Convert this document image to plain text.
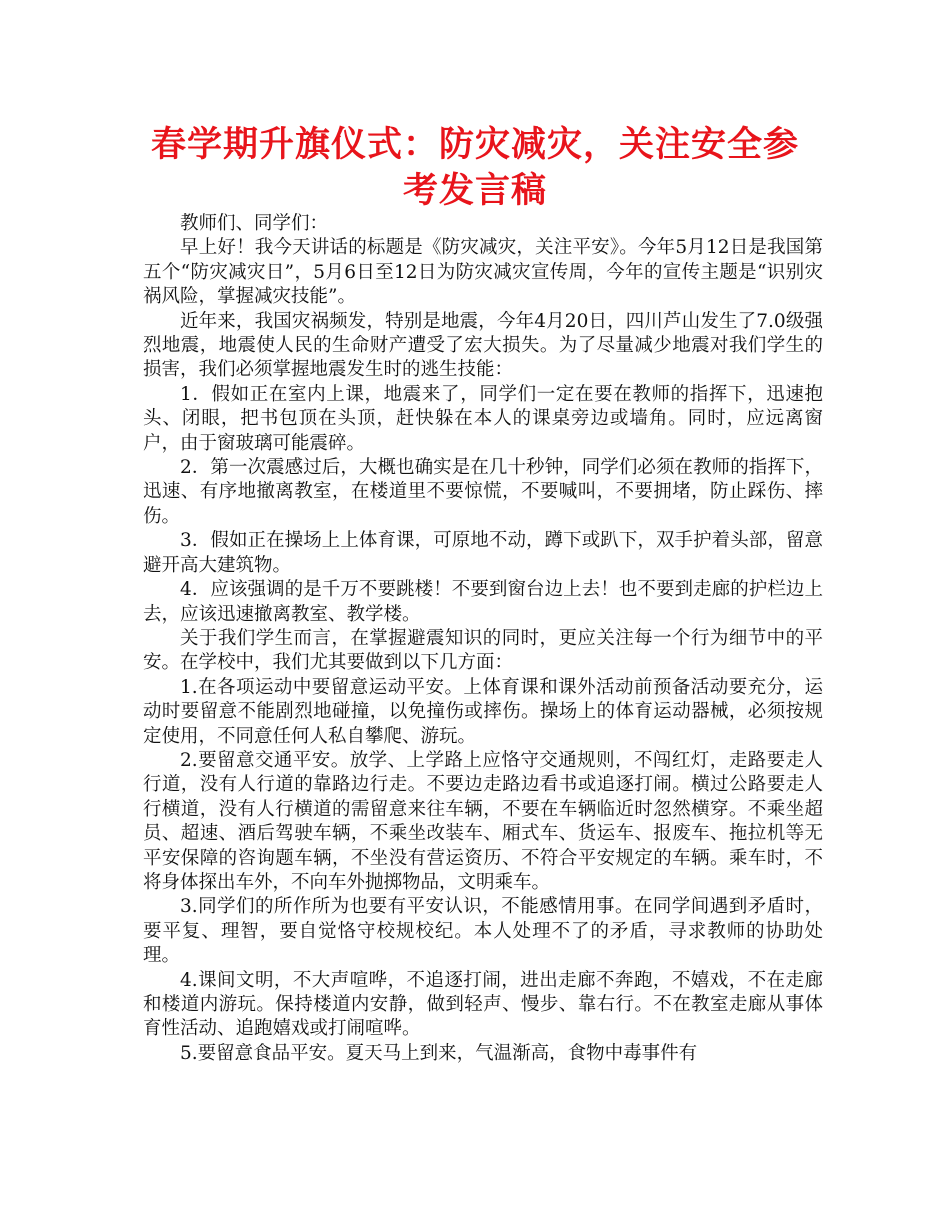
春学期升旗仪式：防灾减灾，关注安全参考发言稿

教师们、同学们：

早上好！我今天讲话的标题是《防灾减灾，关注平安》。今年5月12日是我国第五个“防灾减灾日”，5月6日至12日为防灾减灾宣传周，今年的宣传主题是“识别灾祸风险，掌握减灾技能”。

近年来，我国灾祸频发，特别是地震，今年4月20日，四川芦山发生了7.0级强烈地震，地震使人民的生命财产遭受了宏大损失。为了尽量减少地震对我们学生的损害，我们必须掌握地震发生时的逃生技能：

1．假如正在室内上课，地震来了，同学们一定在要在教师的指挥下，迅速抱头、闭眼，把书包顶在头顶，赶快躲在本人的课桌旁边或墙角。同时，应远离窗户，由于窗玻璃可能震碎。

2．第一次震感过后，大概也确实是在几十秒钟，同学们必须在教师的指挥下，迅速、有序地撤离教室，在楼道里不要惊慌，不要喊叫，不要拥堵，防止踩伤、摔伤。

3．假如正在操场上上体育课，可原地不动，蹲下或趴下，双手护着头部，留意避开高大建筑物。

4．应该强调的是千万不要跳楼！不要到窗台边上去！也不要到走廊的护栏边上去，应该迅速撤离教室、教学楼。

关于我们学生而言，在掌握避震知识的同时，更应关注每一个行为细节中的平安。在学校中，我们尤其要做到以下几方面：

1.在各项运动中要留意运动平安。上体育课和课外活动前预备活动要充分，运动时要留意不能剧烈地碰撞，以免撞伤或摔伤。操场上的体育运动器械，必须按规定使用，不同意任何人私自攀爬、游玩。

2.要留意交通平安。放学、上学路上应恪守交通规则，不闯红灯，走路要走人行道，没有人行道的靠路边行走。不要边走路边看书或追逐打闹。横过公路要走人行横道，没有人行横道的需留意来往车辆，不要在车辆临近时忽然横穿。不乘坐超员、超速、酒后驾驶车辆，不乘坐改装车、厢式车、货运车、报废车、拖拉机等无平安保障的咨询题车辆，不坐没有营运资历、不符合平安规定的车辆。乘车时，不将身体探出车外，不向车外抛掷物品，文明乘车。

3.同学们的所作所为也要有平安认识，不能感情用事。在同学间遇到矛盾时，要平复、理智，要自觉恪守校规校纪。本人处理不了的矛盾，寻求教师的协助处理。

4.课间文明，不大声喧哗，不追逐打闹，进出走廊不奔跑，不嬉戏，不在走廊和楼道内游玩。保持楼道内安静，做到轻声、慢步、靠右行。不在教室走廊从事体育性活动、追跑嬉戏或打闹喧哗。

5.要留意食品平安。夏天马上到来，气温渐高，食物中毒事件有
